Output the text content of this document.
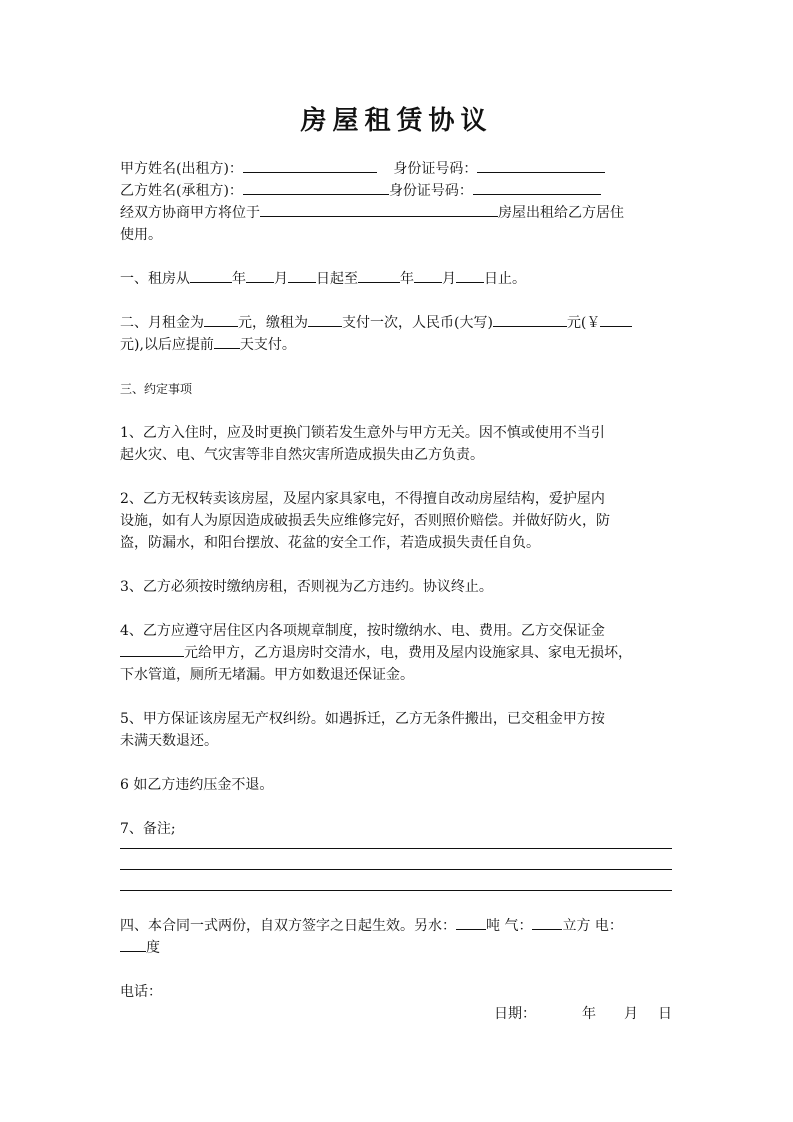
房屋租赁协议
甲方姓名(出租方)：	身份证号码：
乙方姓名(承租方)：	身份证号码：
经双方协商甲方将位于	房屋出租给乙方居住
使用。
一、租房从	年 月 日起至	年 月 日止。
二、月租金为 元，缴租为 支付一次，人民币(大写)	元(￥
元),以后应提前 天支付。
三、约定事项
1、乙方入住时，应及时更换门锁若发生意外与甲方无关。因不慎或使用不当引
起火灾、电、气灾害等非自然灾害所造成损失由乙方负责。
2、乙方无权转卖该房屋，及屋内家具家电，不得擅自改动房屋结构，爱护屋内
设施，如有人为原因造成破损丢失应维修完好，否则照价赔偿。并做好防火，防
盗，防漏水，和阳台摆放、花盆的安全工作，若造成损失责任自负。
3、乙方必须按时缴纳房租，否则视为乙方违约。协议终止。
4、乙方应遵守居住区内各项规章制度，按时缴纳水、电、费用。乙方交保证金
元给甲方，乙方退房时交清水，电，费用及屋内设施家具、家电无损坏，
下水管道，厕所无堵漏。甲方如数退还保证金。
5、甲方保证该房屋无产权纠纷。如遇拆迁，乙方无条件搬出，已交租金甲方按
未满天数退还。
6 如乙方违约压金不退。
7、备注;
四、本合同一式两份，自双方签字之日起生效。另水： 吨 气： 立方 电：
度
电话：
日期：	年 月 日
